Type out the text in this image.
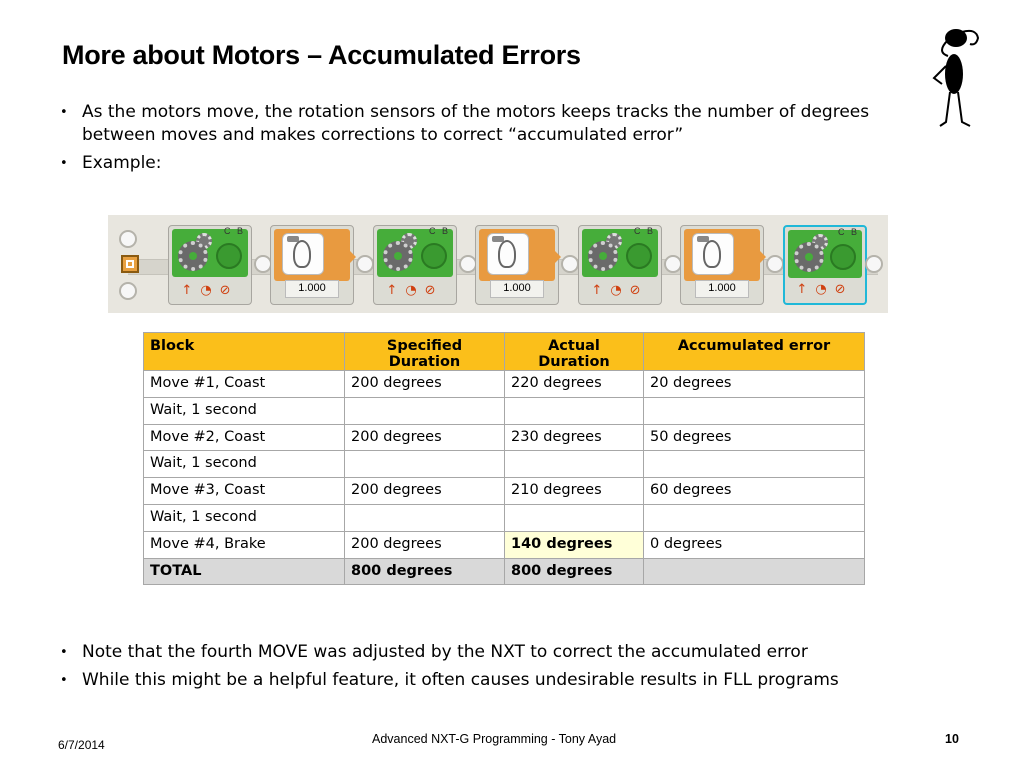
More about Motors – Accumulated Errors
• As the motors move, the rotation sensors of the motors keeps tracks the number of degrees between moves and makes corrections to correct “accumulated error”
• Example:
C B
↑◔⊘	1.000
C B
↑◔⊘	1.000
C B
↑◔⊘	1.000
C B
↑◔⊘
Block	Specified Duration	Actual Duration	Accumulated error
Move #1, Coast	200 degrees	220 degrees	20 degrees
Wait, 1 second			
Move #2, Coast	200 degrees	230 degrees	50 degrees
Wait, 1 second			
Move #3, Coast	200 degrees	210 degrees	60 degrees
Wait, 1 second			
Move #4, Brake	200 degrees	140 degrees	0 degrees
TOTAL	800 degrees	800 degrees	
• Note that the fourth MOVE was adjusted by the NXT to correct the accumulated error
• While this might be a helpful feature, it often causes undesirable results in FLL programs
6/7/2014	Advanced NXT-G Programming - Tony Ayad	10
